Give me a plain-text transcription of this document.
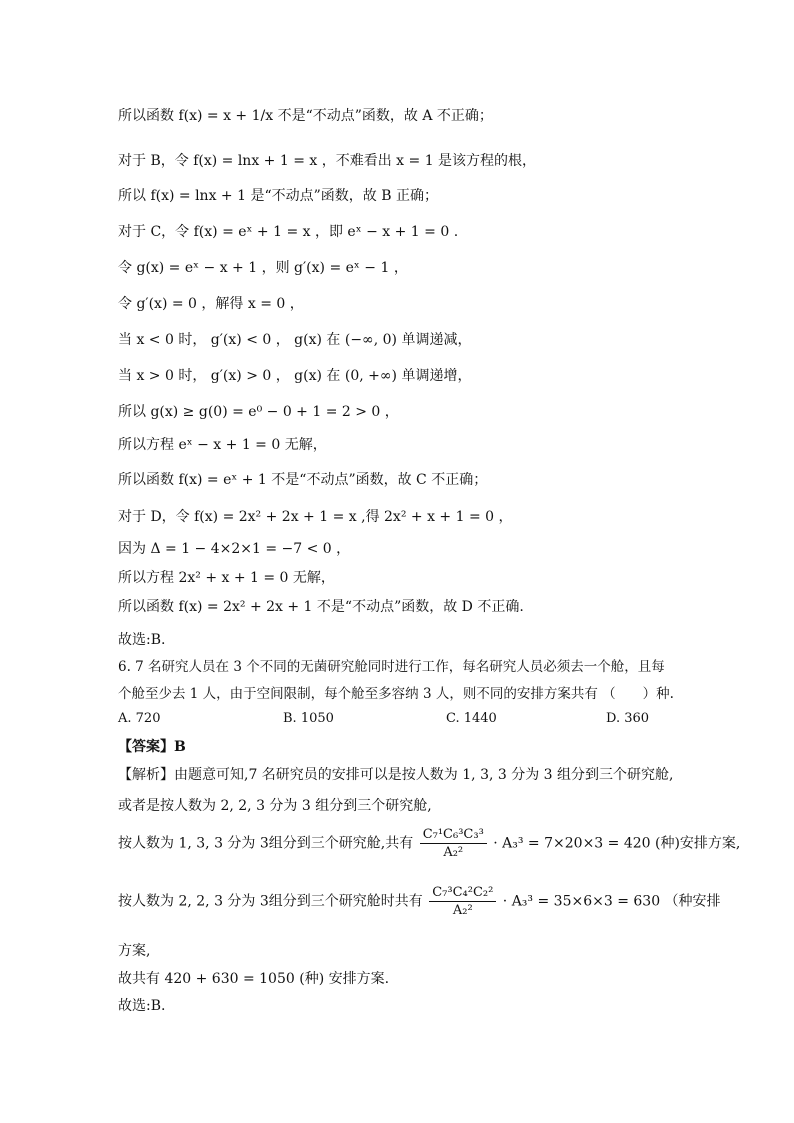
所以函数 f(x) = x + 1/x 不是“不动点”函数，故 A 不正确；
对于 B，令 f(x) = lnx + 1 = x ，不难看出 x = 1 是该方程的根，
所以 f(x) = lnx + 1 是“不动点”函数，故 B 正确；
对于 C，令 f(x) = eˣ + 1 = x ，即 eˣ − x + 1 = 0 .
令 g(x) = eˣ − x + 1 ，则 g′(x) = eˣ − 1 ，
令 g′(x) = 0 ，解得 x = 0 ，
当 x < 0 时， g′(x) < 0 ， g(x) 在 (−∞, 0) 单调递减，
当 x > 0 时， g′(x) > 0 ， g(x) 在 (0, +∞) 单调递增，
所以 g(x) ≥ g(0) = e⁰ − 0 + 1 = 2 > 0 ，
所以方程 eˣ − x + 1 = 0 无解，
所以函数 f(x) = eˣ + 1 不是“不动点”函数，故 C 不正确；
对于 D，令 f(x) = 2x² + 2x + 1 = x ,得 2x² + x + 1 = 0 ，
因为 Δ = 1 − 4×2×1 = −7 < 0 ，
所以方程 2x² + x + 1 = 0 无解，
所以函数 f(x) = 2x² + 2x + 1 不是“不动点”函数，故 D 不正确.
故选:B.
6. 7 名研究人员在 3 个不同的无菌研究舱同时进行工作，每名研究人员必须去一个舱，且每
个舱至少去 1 人，由于空间限制，每个舱至多容纳 3 人，则不同的安排方案共有 （　　）种.
A. 720	B. 1050	C. 1440	D. 360
【答案】B
【解析】由题意可知,7 名研究员的安排可以是按人数为 1, 3, 3 分为 3 组分到三个研究舱,
或者是按人数为 2, 2, 3 分为 3 组分到三个研究舱,
按人数为 1, 3, 3 分为 3组分到三个研究舱,共有 $\frac{\text{C₇¹C₆³C₃³}}{\text{A₂²}} \cdot A_3^3 = 7\times 20\times 3 = 420$ (种)安排方案,
按人数为 2, 2, 3 分为 3组分到三个研究舱时共有 $\frac{\text{C₇³C₄²C₂²}}{\text{A₂²}} \cdot A_3^3 = 35\times 6\times 3 = 630$ （种安排
方案,
故共有 420 + 630 = 1050 (种) 安排方案.
故选:B.
